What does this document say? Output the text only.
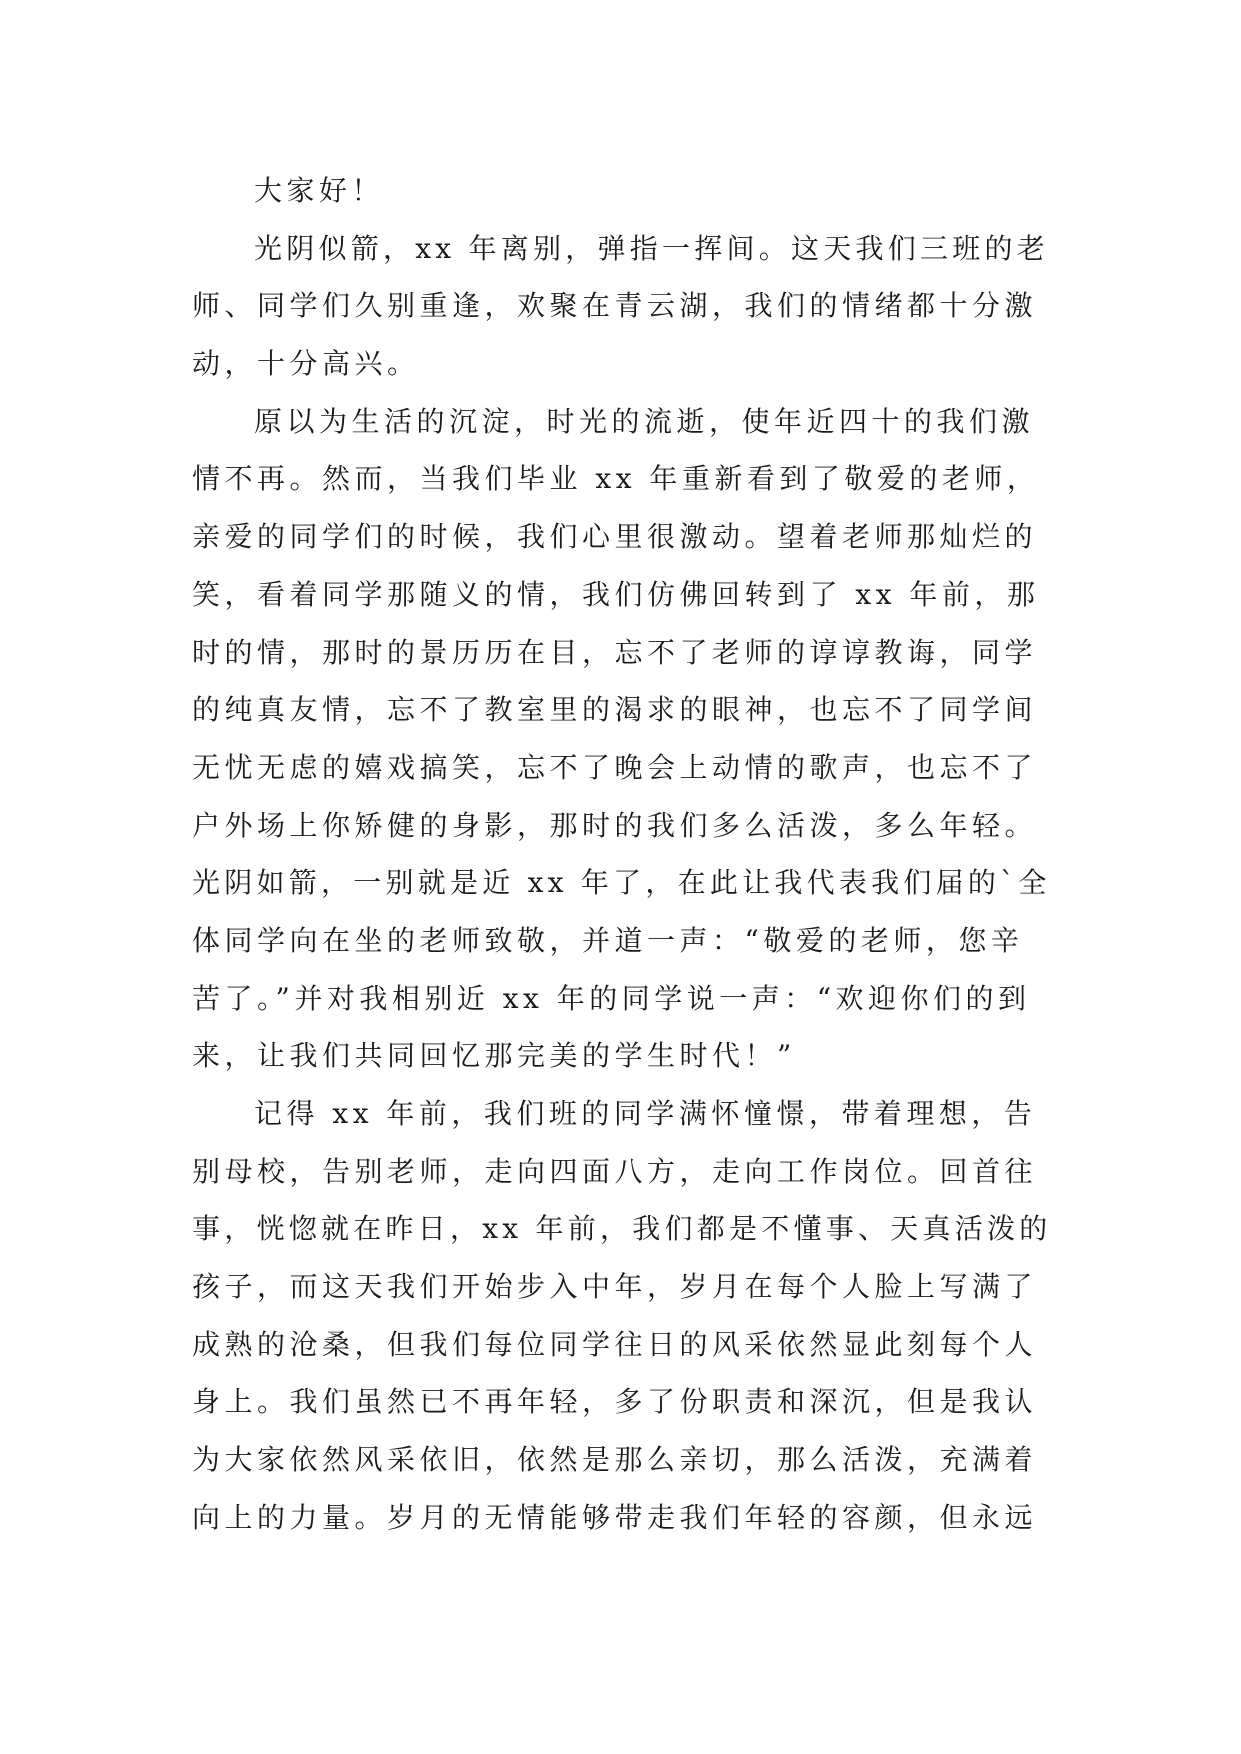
大家好！
光阴似箭，xx 年离别，弹指一挥间。这天我们三班的老
师、同学们久别重逢，欢聚在青云湖，我们的情绪都十分激
动，十分高兴。
原以为生活的沉淀，时光的流逝，使年近四十的我们激
情不再。然而，当我们毕业 xx 年重新看到了敬爱的老师，
亲爱的同学们的时候，我们心里很激动。望着老师那灿烂的
笑，看着同学那随义的情，我们仿佛回转到了 xx 年前，那
时的情，那时的景历历在目，忘不了老师的谆谆教诲，同学
的纯真友情，忘不了教室里的渴求的眼神，也忘不了同学间
无忧无虑的嬉戏搞笑，忘不了晚会上动情的歌声，也忘不了
户外场上你矫健的身影，那时的我们多么活泼，多么年轻。
光阴如箭，一别就是近 xx 年了，在此让我代表我们届的`全
体同学向在坐的老师致敬，并道一声：“敬爱的老师，您辛
苦了。”并对我相别近 xx 年的同学说一声：“欢迎你们的到
来，让我们共同回忆那完美的学生时代！”
记得 xx 年前，我们班的同学满怀憧憬，带着理想，告
别母校，告别老师，走向四面八方，走向工作岗位。回首往
事，恍惚就在昨日，xx 年前，我们都是不懂事、天真活泼的
孩子，而这天我们开始步入中年，岁月在每个人脸上写满了
成熟的沧桑，但我们每位同学往日的风采依然显此刻每个人
身上。我们虽然已不再年轻，多了份职责和深沉，但是我认
为大家依然风采依旧，依然是那么亲切，那么活泼，充满着
向上的力量。岁月的无情能够带走我们年轻的容颜，但永远
